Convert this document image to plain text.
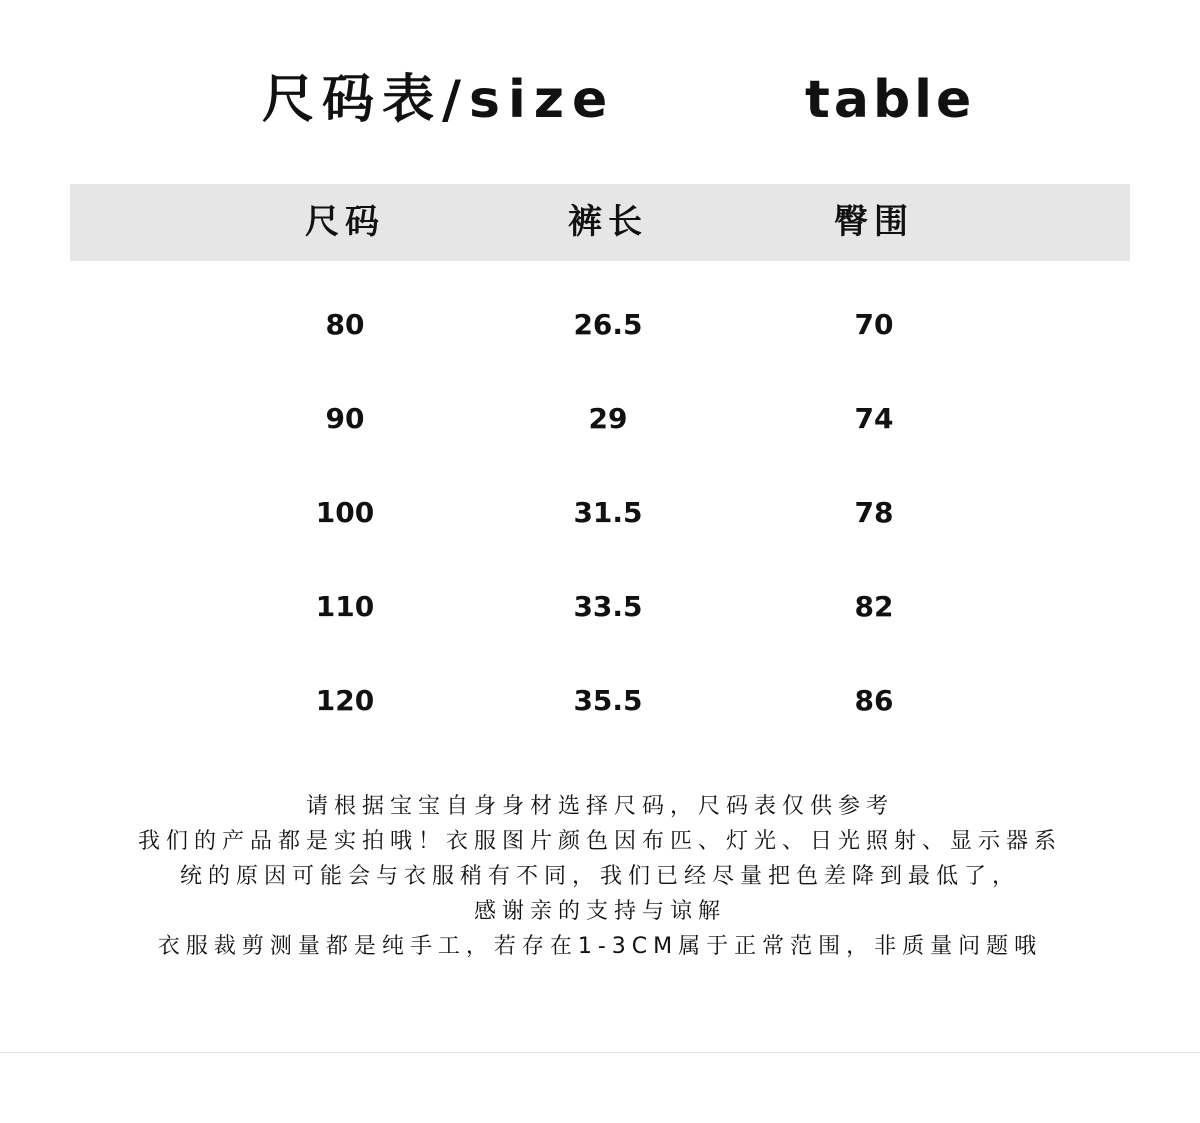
尺码表/size	table
尺码	裤长	臀围
80	26.5	70
90	29	74
100	31.5	78
110	33.5	82
120	35.5	86
请根据宝宝自身身材选择尺码，尺码表仅供参考
我们的产品都是实拍哦！衣服图片颜色因布匹、灯光、日光照射、显示器系
统的原因可能会与衣服稍有不同，我们已经尽量把色差降到最低了，
感谢亲的支持与谅解
衣服裁剪测量都是纯手工，若存在1-3CM属于正常范围，非质量问题哦
